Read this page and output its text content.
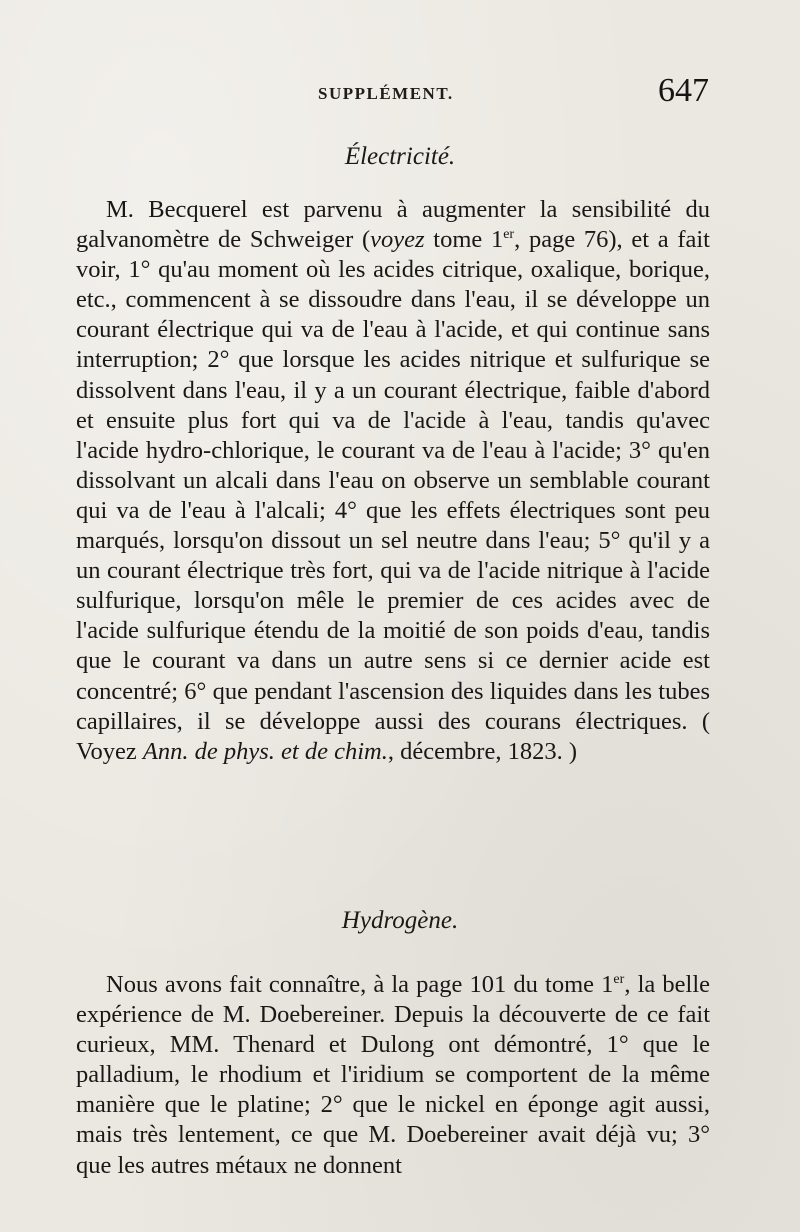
SUPPLÉMENT.	647
Électricité.

M. Becquerel est parvenu à augmenter la sensibilité du galvanomètre de Schweiger (voyez tome 1er, page 76), et a fait voir, 1° qu'au moment où les acides citrique, oxalique, borique, etc., commencent à se dissoudre dans l'eau, il se développe un courant électrique qui va de l'eau à l'acide, et qui continue sans interruption; 2° que lorsque les acides nitrique et sulfurique se dissolvent dans l'eau, il y a un courant électrique, faible d'abord et ensuite plus fort qui va de l'acide à l'eau, tandis qu'avec l'acide hydro-chlorique, le courant va de l'eau à l'acide; 3° qu'en dissolvant un alcali dans l'eau on observe un semblable courant qui va de l'eau à l'alcali; 4° que les effets électriques sont peu marqués, lorsqu'on dissout un sel neutre dans l'eau; 5° qu'il y a un courant électrique très fort, qui va de l'acide nitrique à l'acide sulfurique, lorsqu'on mêle le premier de ces acides avec de l'acide sulfurique étendu de la moitié de son poids d'eau, tandis que le courant va dans un autre sens si ce dernier acide est concentré; 6° que pendant l'ascension des liquides dans les tubes capillaires, il se développe aussi des courans électriques. ( Voyez Ann. de phys. et de chim., décembre, 1823. )

Hydrogène.

Nous avons fait connaître, à la page 101 du tome 1er, la belle expérience de M. Doebereiner. Depuis la découverte de ce fait curieux, MM. Thenard et Dulong ont démontré, 1° que le palladium, le rhodium et l'iridium se comportent de la même manière que le platine; 2° que le nickel en éponge agit aussi, mais très lentement, ce que M. Doebereiner avait déjà vu; 3° que les autres métaux ne donnent
